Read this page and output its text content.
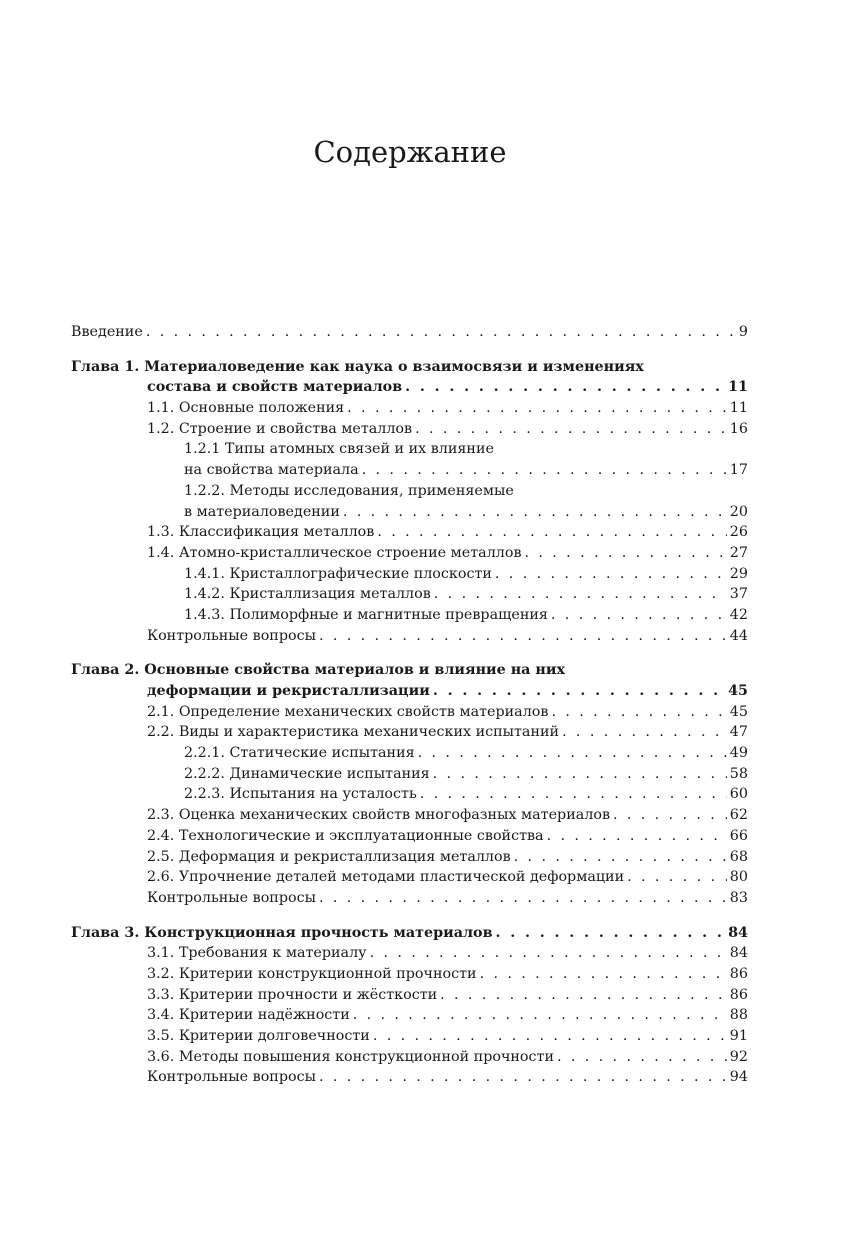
Содержание
Введение . . .	9
Глава 1. Материаловедение как наука о взаимосвязи и изменениях
состава и свойств материалов . . .	11
1.1. Основные положения . . .	11
1.2. Строение и свойства металлов . . .	16
1.2.1 Типы атомных связей и их влияние
на свойства материала . . .	17
1.2.2. Методы исследования, применяемые
в материаловедении . . .	20
1.3. Классификация металлов . . .	26
1.4. Атомно-кристаллическое строение металлов . . .	27
1.4.1. Кристаллографические плоскости . . .	29
1.4.2. Кристаллизация металлов . . .	37
1.4.3. Полиморфные и магнитные превращения . . .	42
Контрольные вопросы . . .	44
Глава 2. Основные свойства материалов и влияние на них
деформации и рекристаллизации . . .	45
2.1. Определение механических свойств материалов . . .	45
2.2. Виды и характеристика механических испытаний . . .	47
2.2.1. Статические испытания . . .	49
2.2.2. Динамические испытания . . .	58
2.2.3. Испытания на усталость . . .	60
2.3. Оценка механических свойств многофазных материалов . . .	62
2.4. Технологические и эксплуатационные свойства . . .	66
2.5. Деформация и рекристаллизация металлов . . .	68
2.6. Упрочнение деталей методами пластической деформации . . .	80
Контрольные вопросы . . .	83
Глава 3. Конструкционная прочность материалов . . .	84
3.1. Требования к материалу . . .	84
3.2. Критерии конструкционной прочности . . .	86
3.3. Критерии прочности и жёсткости . . .	86
3.4. Критерии надёжности . . .	88
3.5. Критерии долговечности . . .	91
3.6. Методы повышения конструкционной прочности . . .	92
Контрольные вопросы . . .	94
